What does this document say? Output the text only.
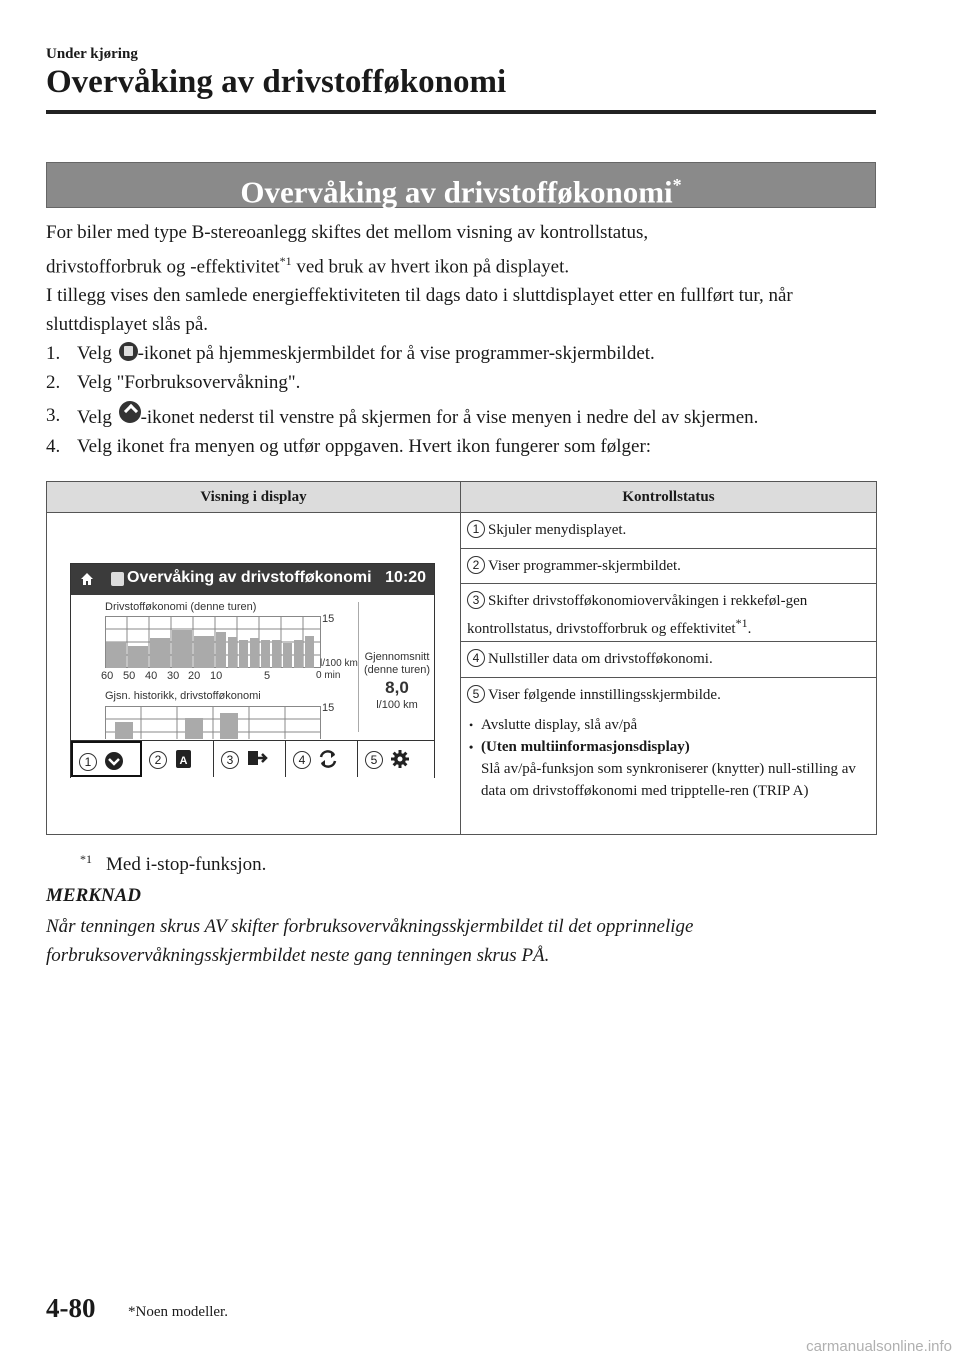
Under kjøring
Overvåking av drivstofføkonomi
Overvåking av drivstofføkonomi*

For biler med type B-stereoanlegg skiftes det mellom visning av kontrollstatus,

drivstofforbruk og -effektivitet$^{*1}$ ved bruk av hvert ikon på displayet.

I tillegg vises den samlede energieffektiviteten til dags dato i sluttdisplayet etter en fullført tur, når sluttdisplayet slås på.

1. Velg -ikonet på hjemmeskjermbildet for å vise programmer-skjermbildet.
2. Velg "Forbruksovervåkning".
3. Velg -ikonet nederst til venstre på skjermen for å vise menyen i nedre del av skjermen.
4. Velg ikonet fra menyen og utfør oppgaven. Hvert ikon fungerer som følger:
Visning i display	Kontrollstatus
1 Skjuler menydisplayet.
2 Viser programmer-skjermbildet.
3 Skifter drivstofføkonomiovervåkingen i rekkeføl-gen kontrollstatus, drivstofforbruk og effektivitet$^{*1}$.
4 Nullstiller data om drivstofføkonomi.
5 Viser følgende innstillingsskjermbilde.
• Avslutte display, slå av/på
• (Uten multiinformasjonsdisplay)
Slå av/på-funksjon som synkroniserer (knytter) null-stilling av data om drivstofføkonomi med tripptelle-ren (TRIP A)
Overvåking av drivstofføkonomi 10:20
Drivstofføkonomi (denne turen)
15
l/100 km
60 50 40 30 20 10	5	0 min
Gjsn. historikk, drivstofføkonomi
15
Gjennomsnitt
(denne turen)
8,0
l/100 km
1	2	A	3	4	5
$^{*1}$ Med i-stop-funksjon.
MERKNAD
Når tenningen skrus AV skifter forbruksovervåkningsskjermbildet til det opprinnelige forbruksovervåkningsskjermbildet neste gang tenningen skrus PÅ.
4-80 *Noen modeller.
carmanualsonline.info
